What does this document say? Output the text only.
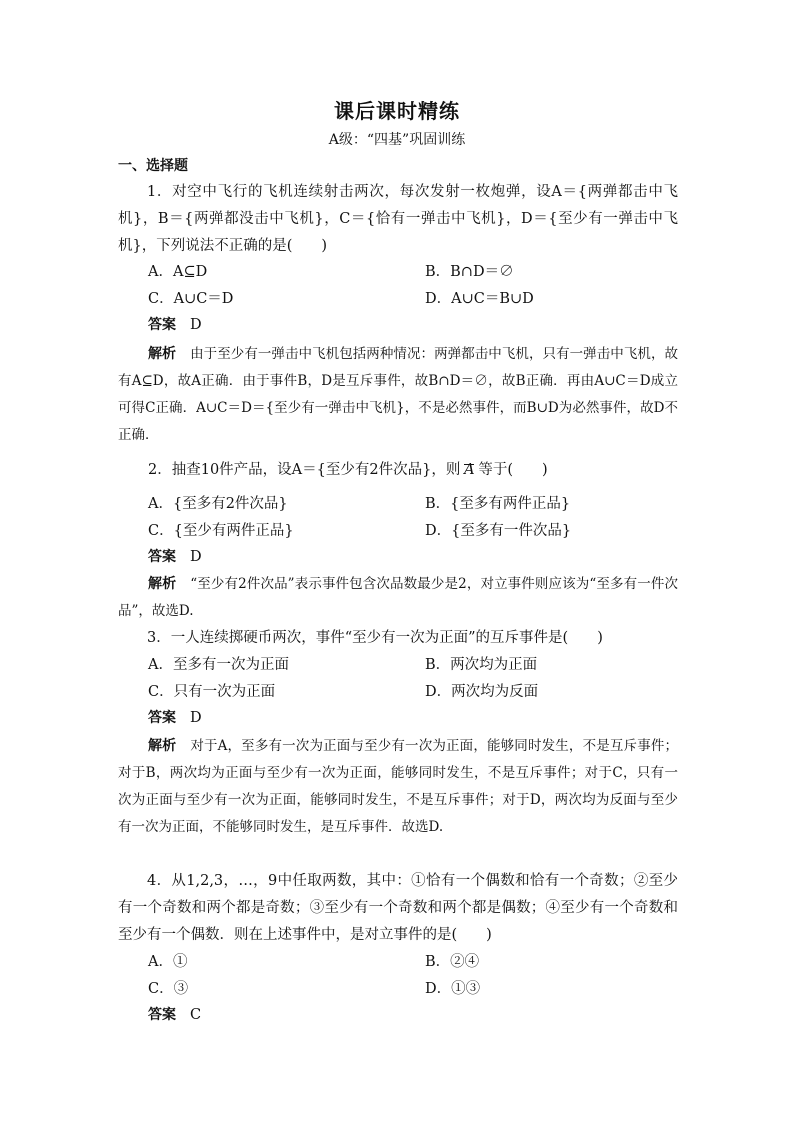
课后课时精练
A级：“四基”巩固训练
一、选择题
1．对空中飞行的飞机连续射击两次，每次发射一枚炮弹，设A＝{两弹都击中飞机}，B＝{两弹都没击中飞机}，C＝{恰有一弹击中飞机}，D＝{至少有一弹击中飞机}，下列说法不正确的是(　　)
A．A⊆D	B．B∩D＝∅
C．A∪C＝D	D．A∪C＝B∪D
答案 D
解析 由于至少有一弹击中飞机包括两种情况：两弹都击中飞机，只有一弹击中飞机，故有A⊆D，故A正确．由于事件B，D是互斥事件，故B∩D＝∅，故B正确．再由A∪C＝D成立可得C正确．A∪C＝D＝{至少有一弹击中飞机}，不是必然事件，而B∪D为必然事件，故D不正确．
2．抽查10件产品，设A＝{至少有2件次品}，则 A 等于(　　)
A．{至多有2件次品}	B．{至多有两件正品}
C．{至少有两件正品}	D．{至多有一件次品}
答案 D
解析 “至少有2件次品”表示事件包含次品数最少是2，对立事件则应该为“至多有一件次品”，故选D.
3．一人连续掷硬币两次，事件“至少有一次为正面”的互斥事件是(　　)
A．至多有一次为正面	B．两次均为正面
C．只有一次为正面	D．两次均为反面
答案 D
解析 对于A，至多有一次为正面与至少有一次为正面，能够同时发生，不是互斥事件；对于B，两次均为正面与至少有一次为正面，能够同时发生，不是互斥事件；对于C，只有一次为正面与至少有一次为正面，能够同时发生，不是互斥事件；对于D，两次均为反面与至少有一次为正面，不能够同时发生，是互斥事件．故选D.
4．从1,2,3，…，9中任取两数，其中：①恰有一个偶数和恰有一个奇数；②至少有一个奇数和两个都是奇数；③至少有一个奇数和两个都是偶数；④至少有一个奇数和至少有一个偶数．则在上述事件中，是对立事件的是(　　)
A．①	B．②④
C．③	D．①③
答案 C
